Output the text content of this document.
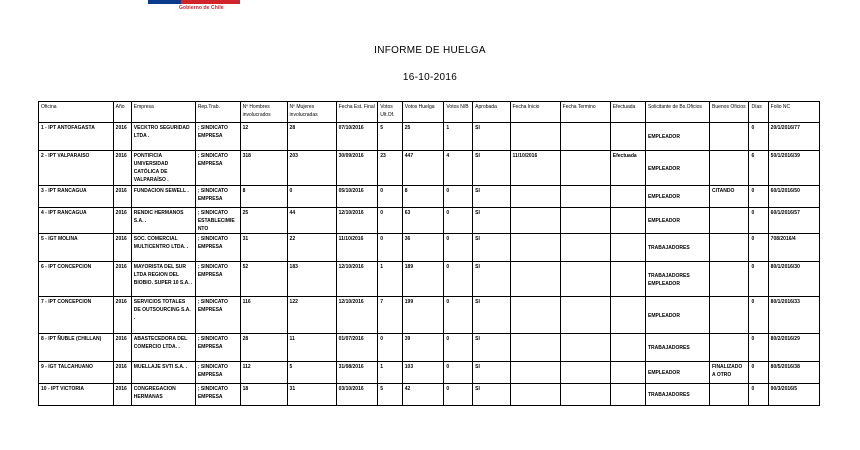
Gobierno de Chile
INFORME DE HUELGA
16-10-2016
Oficina	Año	Empresa	Rep.Trab.	Nº Hombres involucrados	Nº Mujeres involucradas	Fecha Est. Final	Votos Ult.Of.	Votos Huelga	Votos N/B	Aprobada	Fecha Inicio	Fecha Termino	Efectuada	Solicitante de Bs.Oficios	Buenos Oficios	Días	Folio NC
1 - IPT ANTOFAGASTA	2016	VECKTRO SEGURIDAD LTDA .	; SINDICATO EMPRESA	12	28	07/10/2016	5	25	1	SI				EMPLEADOR		0	20/1/2016/77
2 - IPT VALPARAISO	2016	PONTIFICIA UNIVERSIDAD CATÓLICA DE VALPARAÍSO .	; SINDICATO EMPRESA	318	203	30/09/2016	23	447	4	SI	11/10/2016		Efectuada	EMPLEADOR		6	50/1/2016/39
3 - IPT RANCAGUA	2016	FUNDACION SEWELL .	; SINDICATO EMPRESA	8	0	05/10/2016	0	8	0	SI				EMPLEADOR	CITANDO	0	60/1/2016/50
4 - IPT RANCAGUA	2016	RENDIC HERMANOS S.A. .	; SINDICATO ESTABLECIMIENTO	25	44	12/10/2016	0	63	0	SI				EMPLEADOR		0	60/1/2016/57
5 - IGT MOLINA	2016	SOC. COMERCIAL MULTICENTRO LTDA. .	; SINDICATO EMPRESA	31	22	11/10/2016	0	36	0	SI				TRABAJADORES		0	708/2016/4
6 - IPT CONCEPCION	2016	MAYORISTA DEL SUR LTDA REGION DEL BIOBIO. SUPER 10 S.A. .	; SINDICATO EMPRESA	52	183	12/10/2016	1	189	0	SI				TRABAJADORES EMPLEADOR		0	80/1/2016/30
7 - IPT CONCEPCION	2016	SERVICIOS TOTALES DE OUTSOURCING S.A. .	; SINDICATO EMPRESA	116	122	12/10/2016	7	199	0	SI				EMPLEADOR		0	80/1/2016/33
8 - IPT ÑUBLE (CHILLAN)	2016	ABASTECEDORA DEL COMERCIO LTDA. .	; SINDICATO EMPRESA	28	11	01/07/2016	0	39	0	SI				TRABAJADORES		0	80/2/2016/29
9 - IGT TALCAHUANO	2016	MUELLAJE SVTI S.A. .	; SINDICATO EMPRESA	112	5	31/08/2016	1	103	0	SI				EMPLEADOR	FINALIZADO A OTRO	0	80/5/2016/38
10 - IPT VICTORIA	2016	CONGREGACION HERMANAS	; SINDICATO EMPRESA	18	31	03/10/2016	5	42	0	SI				TRABAJADORES		0	90/3/2016/5
